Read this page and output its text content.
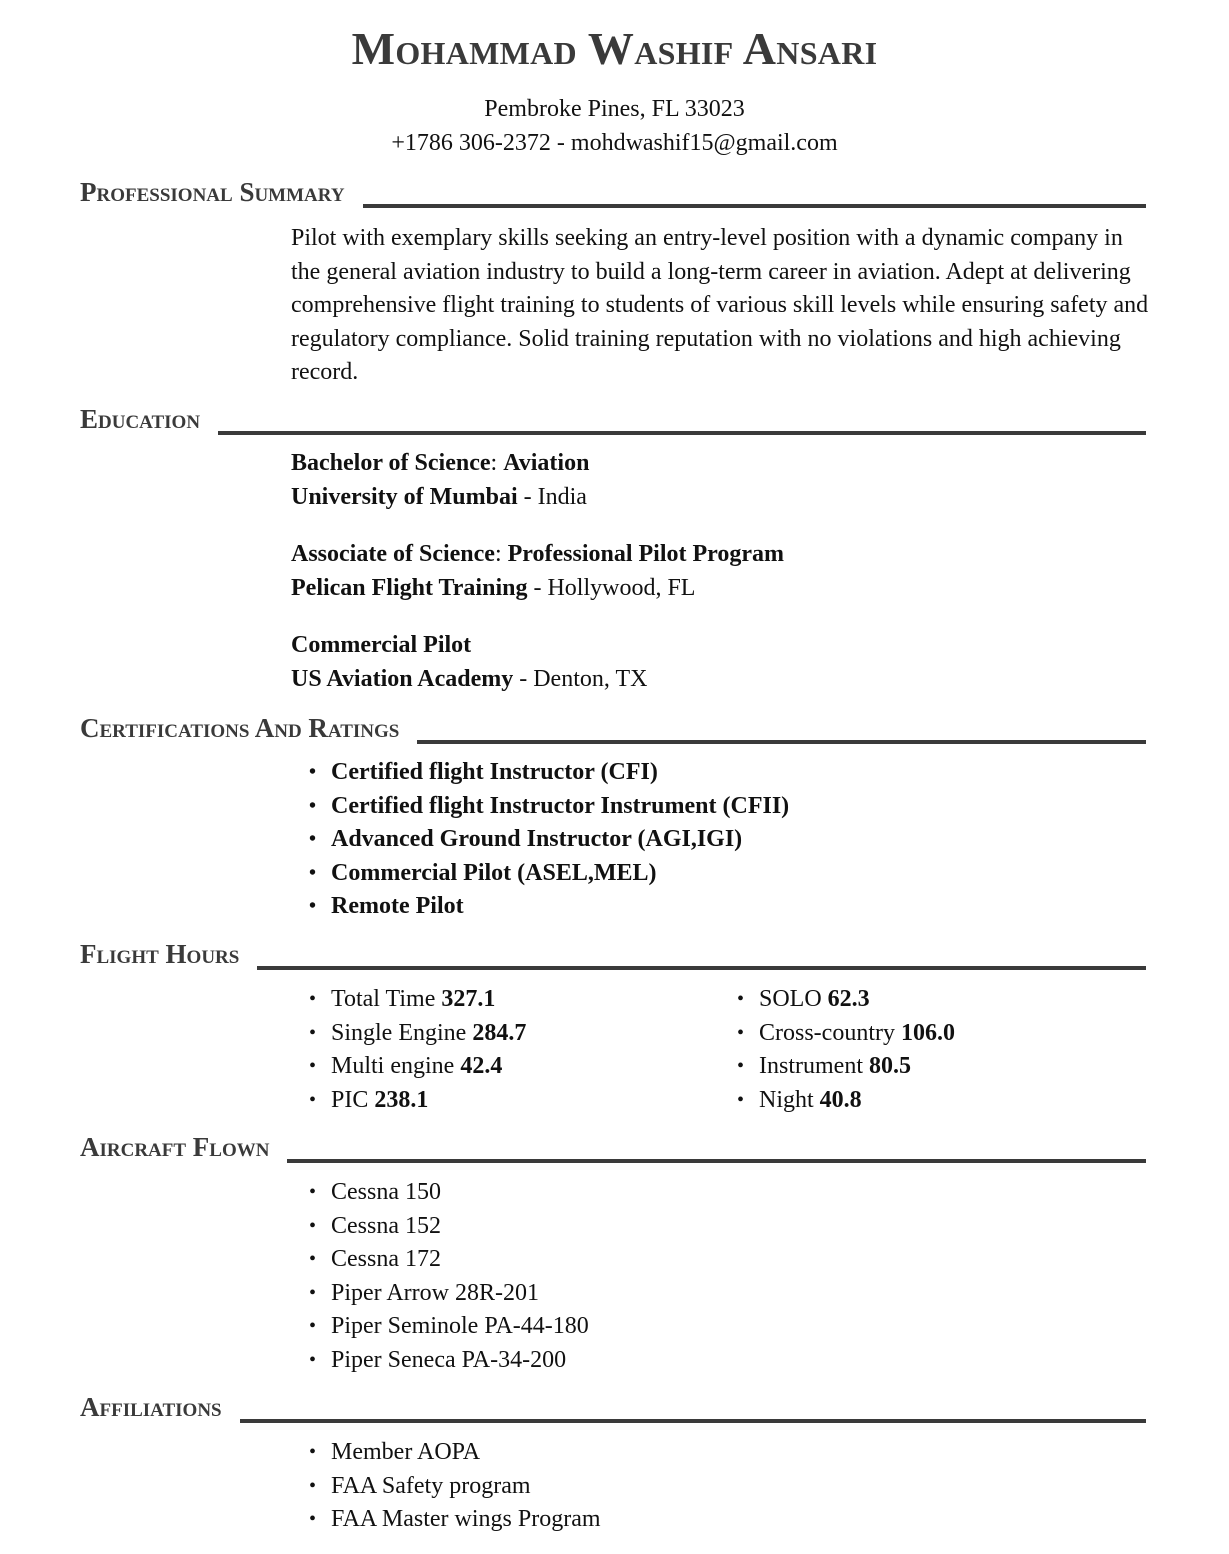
Mohammad Washif Ansari
Pembroke Pines, FL 33023
+1786 306-2372 - mohdwashif15@gmail.com
Professional Summary
Pilot with exemplary skills seeking an entry-level position with a dynamic company in the general aviation industry to build a long-term career in aviation. Adept at delivering comprehensive flight training to students of various skill levels while ensuring safety and regulatory compliance. Solid training reputation with no violations and high achieving record.
Education
Bachelor of Science: Aviation
University of Mumbai - India
Associate of Science: Professional Pilot Program
Pelican Flight Training - Hollywood, FL
Commercial Pilot
US Aviation Academy - Denton, TX
Certifications And Ratings
• Certified flight Instructor (CFI)
• Certified flight Instructor Instrument (CFII)
• Advanced Ground Instructor (AGI,IGI)
• Commercial Pilot (ASEL,MEL)
• Remote Pilot
Flight Hours
• Total Time 327.1
• Single Engine 284.7
• Multi engine 42.4
• PIC 238.1
• SOLO 62.3
• Cross-country 106.0
• Instrument 80.5
• Night 40.8
Aircraft Flown
• Cessna 150
• Cessna 152
• Cessna 172
• Piper Arrow 28R-201
• Piper Seminole PA-44-180
• Piper Seneca PA-34-200
Affiliations
• Member AOPA
• FAA Safety program
• FAA Master wings Program
